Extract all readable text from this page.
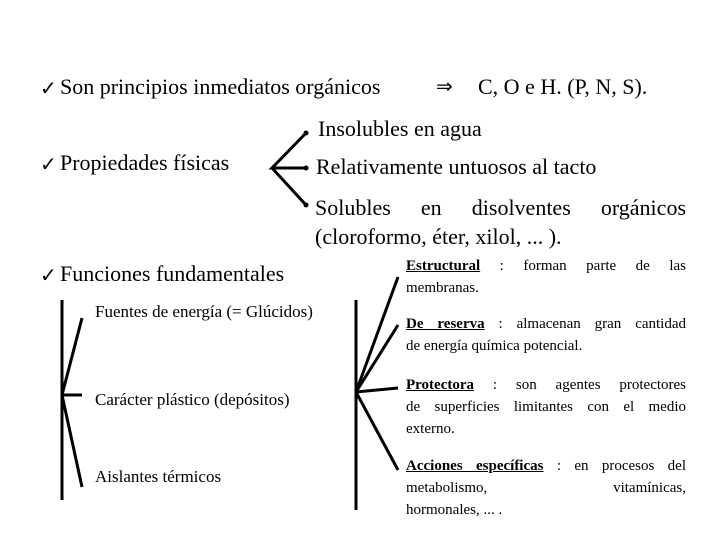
✓ Son principios inmediatos orgánicos	⇒ C, O e H. (P, N, S).
✓ Propiedades físicas
Insolubles en agua
Relativamente untuosos al tacto
Solubles en disolventes orgánicos
(cloroformo, éter, xilol, ... ).
✓ Funciones fundamentales
Fuentes de energía (= Glúcidos)
Carácter plástico (depósitos)
Aislantes térmicos
Estructural : forman parte de las
membranas.
De reserva : almacenan gran cantidad
de energía química potencial.
Protectora : son agentes protectores
de superficies limitantes con el medio
externo.
Acciones específicas : en procesos del
metabolismo, vitamínicas,
hormonales, ... .
